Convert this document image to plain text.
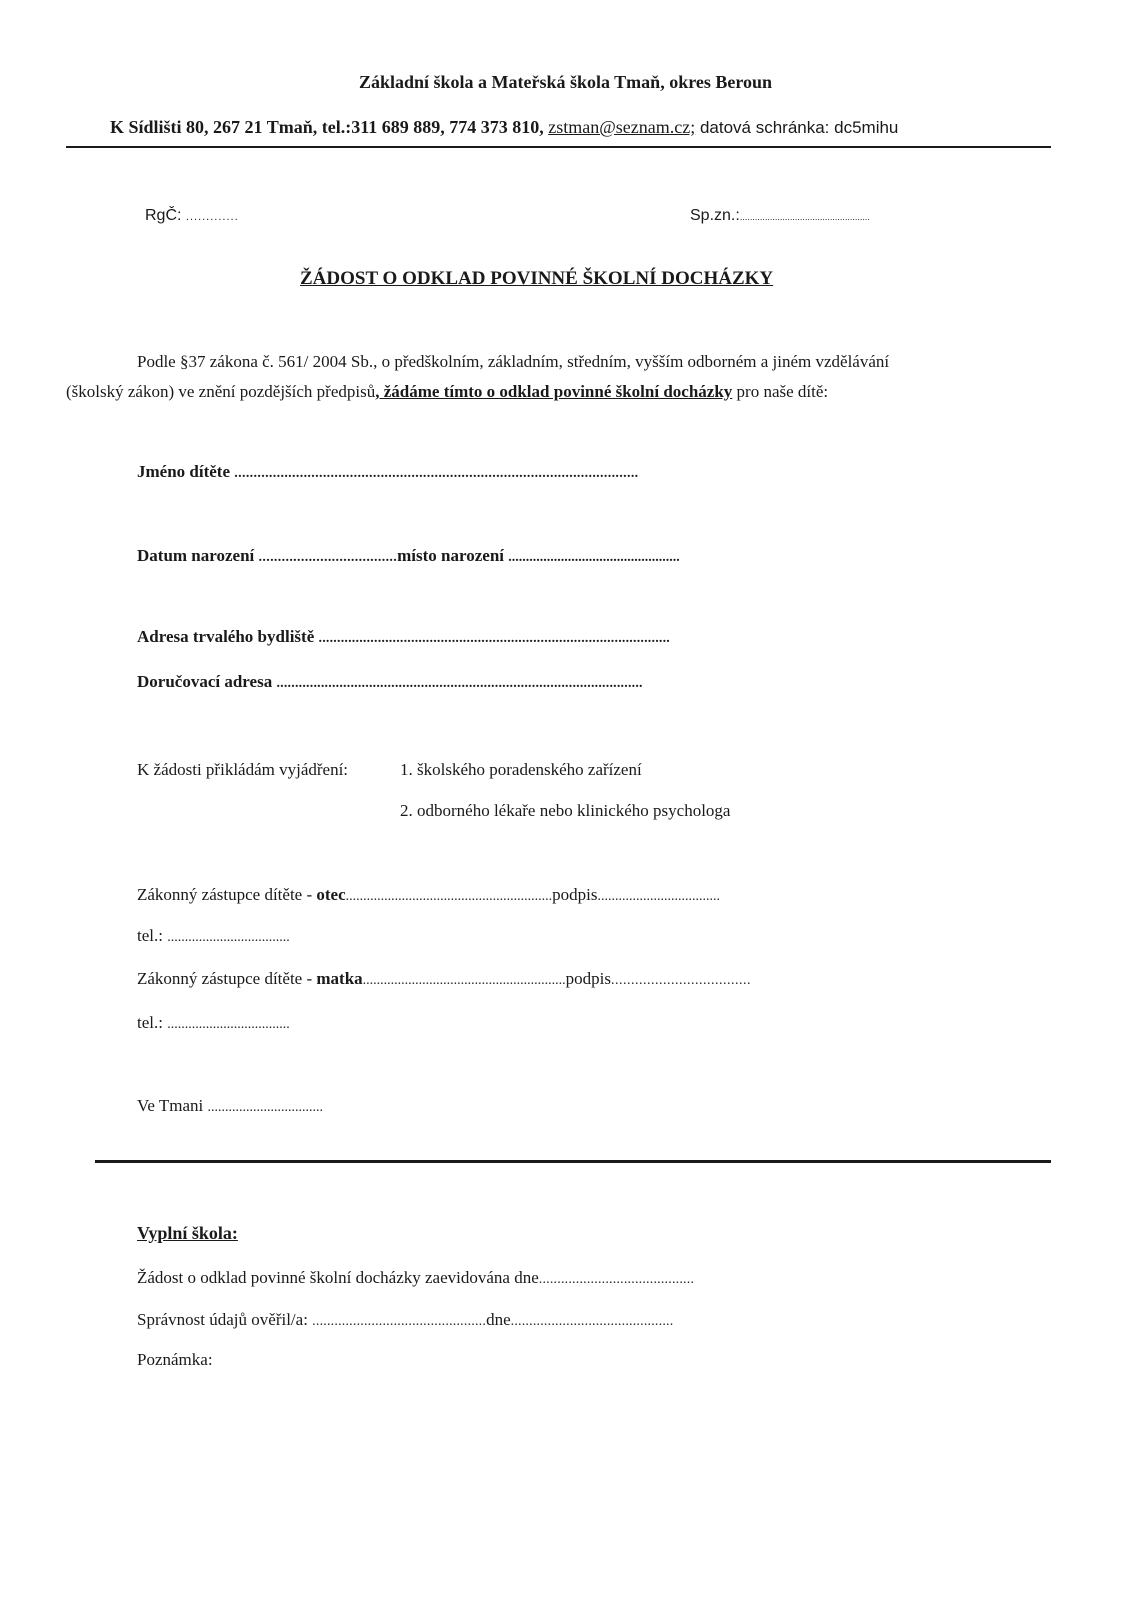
Základní škola a Mateřská škola Tmaň, okres Beroun
K Sídlišti 80, 267 21 Tmaň, tel.:311 689 889, 774 373 810, zstman@seznam.cz; datová schránka: dc5mihu
RgČ: .............	Sp.zn.:....................................................
ŽÁDOST O ODKLAD POVINNÉ ŠKOLNÍ DOCHÁZKY
Podle §37 zákona č. 561/ 2004 Sb., o předškolním, základním, středním, vyšším odborném a jiném vzdělávání
(školský zákon) ve znění pozdějších předpisů, žádáme tímto o odklad povinné školní docházky pro naše dítě:
Jméno dítěte .........................................................................................................
Datum narození ....................................místo narození .................................................
Adresa trvalého bydliště ...............................................................................................
Doručovací adresa ...................................................................................................
K žádosti přikládám vyjádření:	1. školského poradenského zařízení
2. odborného lékaře nebo klinického psychologa
Zákonný zástupce dítěte - otec...........................................................podpis...................................
tel.: ...................................
Zákonný zástupce dítěte - matka..........................................................podpis...................................
tel.: ...................................
Ve Tmani .................................
Vyplní škola:
Žádost o odklad povinné školní docházky zaevidována dne..........................................
Správnost údajů ověřil/a: ...............................................dne............................................
Poznámka:
